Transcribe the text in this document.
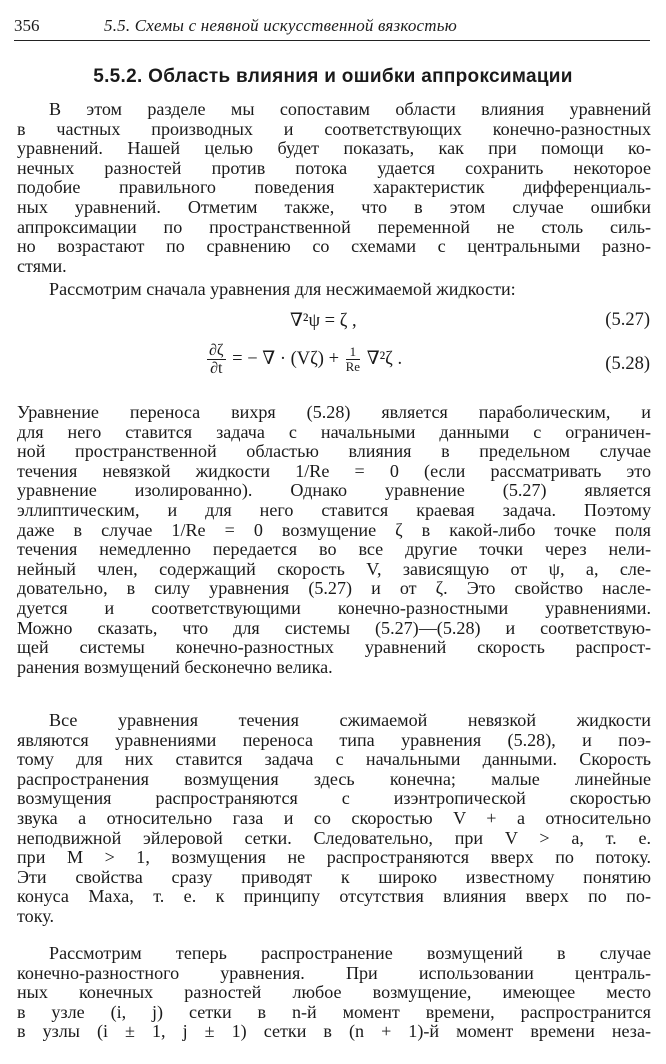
356	5.5. Схемы с неявной искусственной вязкостью
5.5.2. Область влияния и ошибки аппроксимации
В этом разделе мы сопоставим области влияния уравнений
в частных производных и соответствующих конечно-разностных
уравнений. Нашей целью будет показать, как при помощи ко-
нечных разностей против потока удается сохранить некоторое
подобие правильного поведения характеристик дифференциаль-
ных уравнений. Отметим также, что в этом случае ошибки
аппроксимации по пространственной переменной не столь силь-
но возрастают по сравнению со схемами с центральными разно-
стями.
Рассмотрим сначала уравнения для несжимаемой жидкости:
∇²ψ = ζ ,	(5.27)
$\frac{\partial\zeta}{\partial t}$ = − ∇ · $(V\zeta) + \frac{1}{Re} \nabla^2\zeta$ .	(5.28)
Уравнение переноса вихря (5.28) является параболическим, и
для него ставится задача с начальными данными с ограничен-
ной пространственной областью влияния в предельном случае
течения невязкой жидкости 1/Re = 0 (если рассматривать это
уравнение изолированно). Однако уравнение (5.27) является
эллиптическим, и для него ставится краевая задача. Поэтому
даже в случае 1/Re = 0 возмущение ζ в какой-либо точке поля
течения немедленно передается во все другие точки через нели-
нейный член, содержащий скорость V, зависящую от ψ, а, сле-
довательно, в силу уравнения (5.27) и от ζ. Это свойство насле-
дуется и соответствующими конечно-разностными уравнениями.
Можно сказать, что для системы (5.27)—(5.28) и соответствую-
щей системы конечно-разностных уравнений скорость распрост-
ранения возмущений бесконечно велика.
Все уравнения течения сжимаемой невязкой жидкости
являются уравнениями переноса типа уравнения (5.28), и поэ-
тому для них ставится задача с начальными данными. Скорость
распространения возмущения здесь конечна; малые линейные
возмущения распространяются с изэнтропической скоростью
звука a относительно газа и со скоростью V + a относительно
неподвижной эйлеровой сетки. Следовательно, при V > a, т. е.
при M > 1, возмущения не распространяются вверх по потоку.
Эти свойства сразу приводят к широко известному понятию
конуса Маха, т. е. к принципу отсутствия влияния вверх по по-
току.
Рассмотрим теперь распространение возмущений в случае
конечно-разностного уравнения. При использовании централь-
ных конечных разностей любое возмущение, имеющее место
в узле (i, j) сетки в n-й момент времени, распространится
в узлы (i ± 1, j ± 1) сетки в (n + 1)-й момент времени неза-
